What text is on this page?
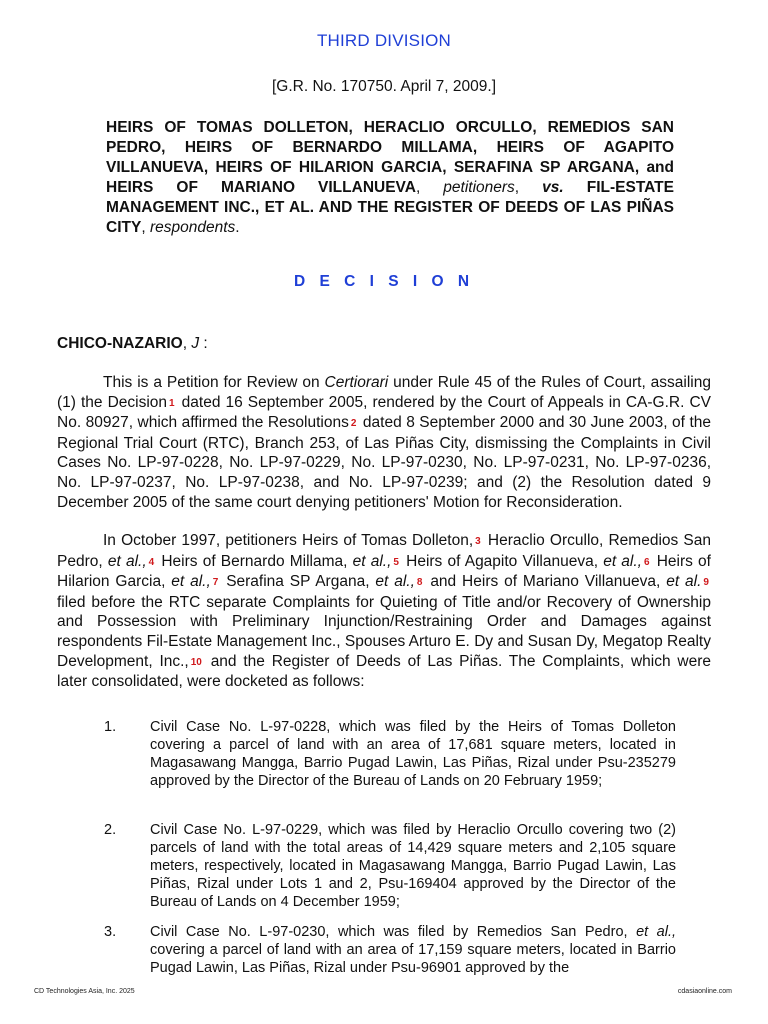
THIRD DIVISION
[G.R. No. 170750. April 7, 2009.]
HEIRS OF TOMAS DOLLETON, HERACLIO ORCULLO, REMEDIOS SAN PEDRO, HEIRS OF BERNARDO MILLAMA, HEIRS OF AGAPITO VILLANUEVA, HEIRS OF HILARION GARCIA, SERAFINA SP ARGANA, and HEIRS OF MARIANO VILLANUEVA, petitioners, vs. FIL-ESTATE MANAGEMENT INC., ET AL. AND THE REGISTER OF DEEDS OF LAS PIÑAS CITY, respondents.
D E C I S I O N
CHICO-NAZARIO, J :
This is a Petition for Review on Certiorari under Rule 45 of the Rules of Court, assailing (1) the Decision 1 dated 16 September 2005, rendered by the Court of Appeals in CA-G.R. CV No. 80927, which affirmed the Resolutions 2 dated 8 September 2000 and 30 June 2003, of the Regional Trial Court (RTC), Branch 253, of Las Piñas City, dismissing the Complaints in Civil Cases No. LP-97-0228, No. LP-97-0229, No. LP-97-0230, No. LP-97-0231, No. LP-97-0236, No. LP-97-0237, No. LP-97-0238, and No. LP-97-0239; and (2) the Resolution dated 9 December 2005 of the same court denying petitioners' Motion for Reconsideration.
In October 1997, petitioners Heirs of Tomas Dolleton, 3 Heraclio Orcullo, Remedios San Pedro, et al., 4 Heirs of Bernardo Millama, et al., 5 Heirs of Agapito Villanueva, et al., 6 Heirs of Hilarion Garcia, et al., 7 Serafina SP Argana, et al., 8 and Heirs of Mariano Villanueva, et al. 9 filed before the RTC separate Complaints for Quieting of Title and/or Recovery of Ownership and Possession with Preliminary Injunction/Restraining Order and Damages against respondents Fil-Estate Management Inc., Spouses Arturo E. Dy and Susan Dy, Megatop Realty Development, Inc., 10 and the Register of Deeds of Las Piñas. The Complaints, which were later consolidated, were docketed as follows:
1.	Civil Case No. L-97-0228, which was filed by the Heirs of Tomas Dolleton covering a parcel of land with an area of 17,681 square meters, located in Magasawang Mangga, Barrio Pugad Lawin, Las Piñas, Rizal under Psu-235279 approved by the Director of the Bureau of Lands on 20 February 1959;
2.	Civil Case No. L-97-0229, which was filed by Heraclio Orcullo covering two (2) parcels of land with the total areas of 14,429 square meters and 2,105 square meters, respectively, located in Magasawang Mangga, Barrio Pugad Lawin, Las Piñas, Rizal under Lots 1 and 2, Psu-169404 approved by the Director of the Bureau of Lands on 4 December 1959;
3.	Civil Case No. L-97-0230, which was filed by Remedios San Pedro, et al., covering a parcel of land with an area of 17,159 square meters, located in Barrio Pugad Lawin, Las Piñas, Rizal under Psu-96901 approved by the
CD Technologies Asia, Inc. 2025	cdasiaonline.com
